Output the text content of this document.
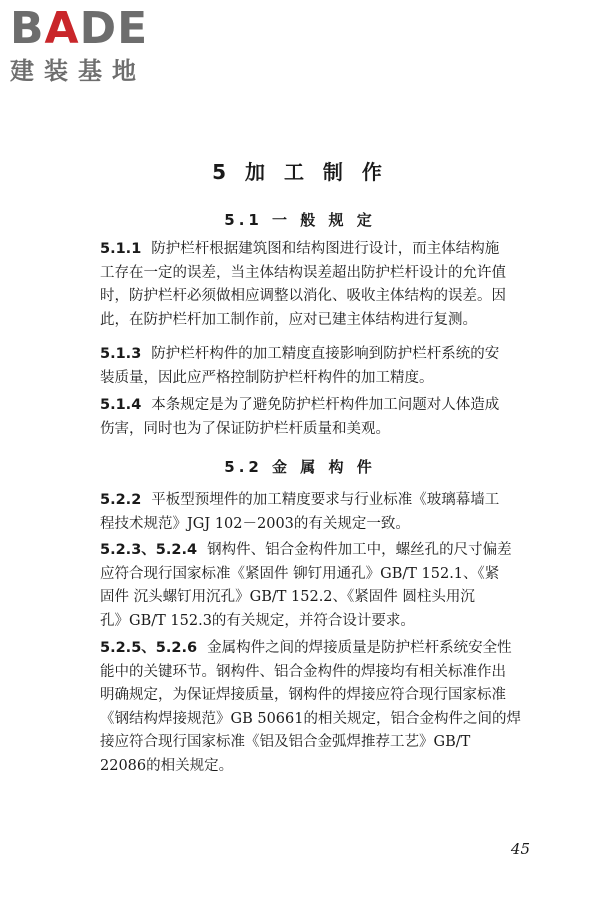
BADE
建装基地
5 加 工 制 作
5.1 一 般 规 定

5.1.1 防护栏杆根据建筑图和结构图进行设计，而主体结构施
工存在一定的误差，当主体结构误差超出防护栏杆设计的允许值
时，防护栏杆必须做相应调整以消化、吸收主体结构的误差。因
此，在防护栏杆加工制作前，应对已建主体结构进行复测。

5.1.3 防护栏杆构件的加工精度直接影响到防护栏杆系统的安
装质量，因此应严格控制防护栏杆构件的加工精度。

5.1.4 本条规定是为了避免防护栏杆构件加工问题对人体造成
伤害，同时也为了保证防护栏杆质量和美观。

5.2 金 属 构 件

5.2.2 平板型预埋件的加工精度要求与行业标准《玻璃幕墙工
程技术规范》JGJ 102－2003的有关规定一致。

5.2.3、5.2.4 钢构件、铝合金构件加工中，螺丝孔的尺寸偏差
应符合现行国家标准《紧固件 铆钉用通孔》GB/T 152.1、《紧
固件 沉头螺钉用沉孔》GB/T 152.2、《紧固件 圆柱头用沉
孔》GB/T 152.3的有关规定，并符合设计要求。

5.2.5、5.2.6 金属构件之间的焊接质量是防护栏杆系统安全性
能中的关键环节。钢构件、铝合金构件的焊接均有相关标准作出
明确规定，为保证焊接质量，钢构件的焊接应符合现行国家标准
《钢结构焊接规范》GB 50661的相关规定，铝合金构件之间的焊
接应符合现行国家标准《铝及铝合金弧焊推荐工艺》GB/T
22086的相关规定。

45
